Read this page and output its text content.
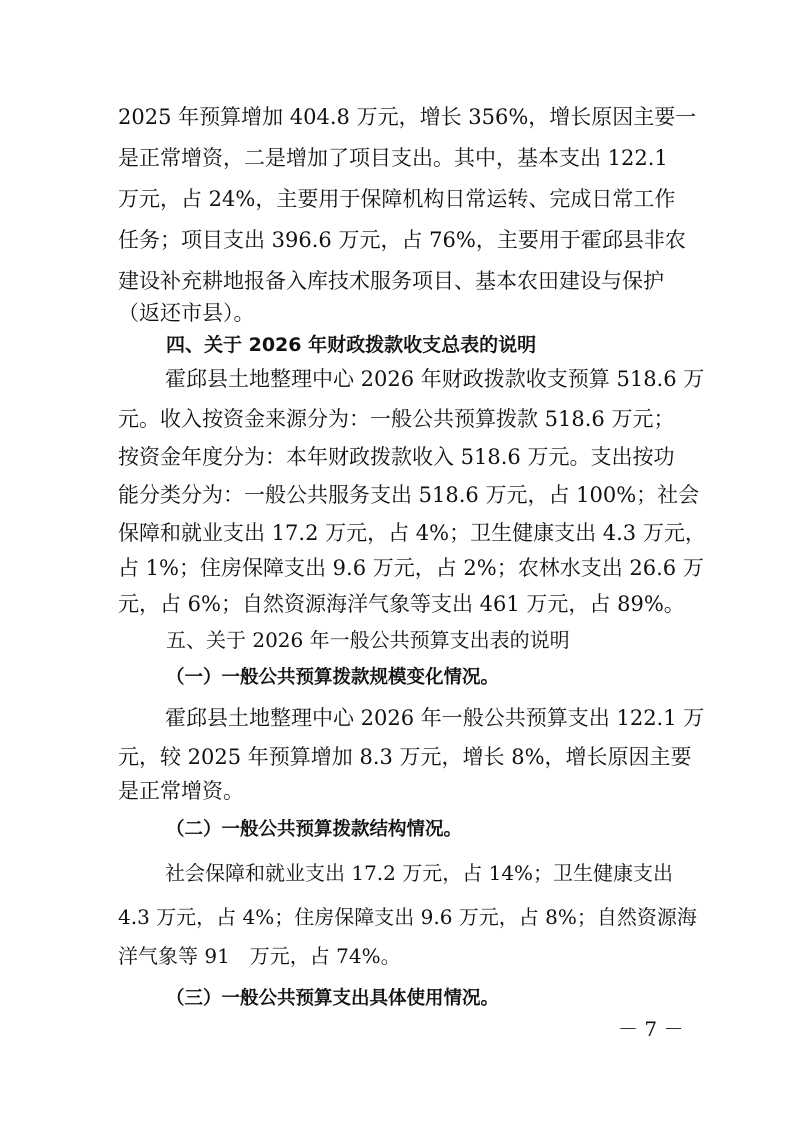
2025 年预算增加 404.8 万元，增长 356%，增长原因主要一
是正常增资，二是增加了项目支出。其中，基本支出 122.1
万元，占 24%，主要用于保障机构日常运转、完成日常工作
任务；项目支出 396.6 万元，占 76%，主要用于霍邱县非农
建设补充耕地报备入库技术服务项目、基本农田建设与保护
（返还市县）。
四、关于 2026 年财政拨款收支总表的说明
霍邱县土地整理中心 2026 年财政拨款收支预算 518.6 万
元。收入按资金来源分为：一般公共预算拨款 518.6 万元；
按资金年度分为：本年财政拨款收入 518.6 万元。支出按功
能分类分为：一般公共服务支出 518.6 万元，占 100%；社会
保障和就业支出 17.2 万元，占 4%；卫生健康支出 4.3 万元，
占 1%；住房保障支出 9.6 万元，占 2%；农林水支出 26.6 万
元，占 6%；自然资源海洋气象等支出 461 万元，占 89%。
五、关于 2026 年一般公共预算支出表的说明
（一）一般公共预算拨款规模变化情况。
霍邱县土地整理中心 2026 年一般公共预算支出 122.1 万
元，较 2025 年预算增加 8.3 万元，增长 8%，增长原因主要
是正常增资。
（二）一般公共预算拨款结构情况。
社会保障和就业支出 17.2 万元，占 14%；卫生健康支出
4.3 万元，占 4%；住房保障支出 9.6 万元，占 8%；自然资源海
洋气象等 91　万元，占 74%。
（三）一般公共预算支出具体使用情况。
－ 7 －
